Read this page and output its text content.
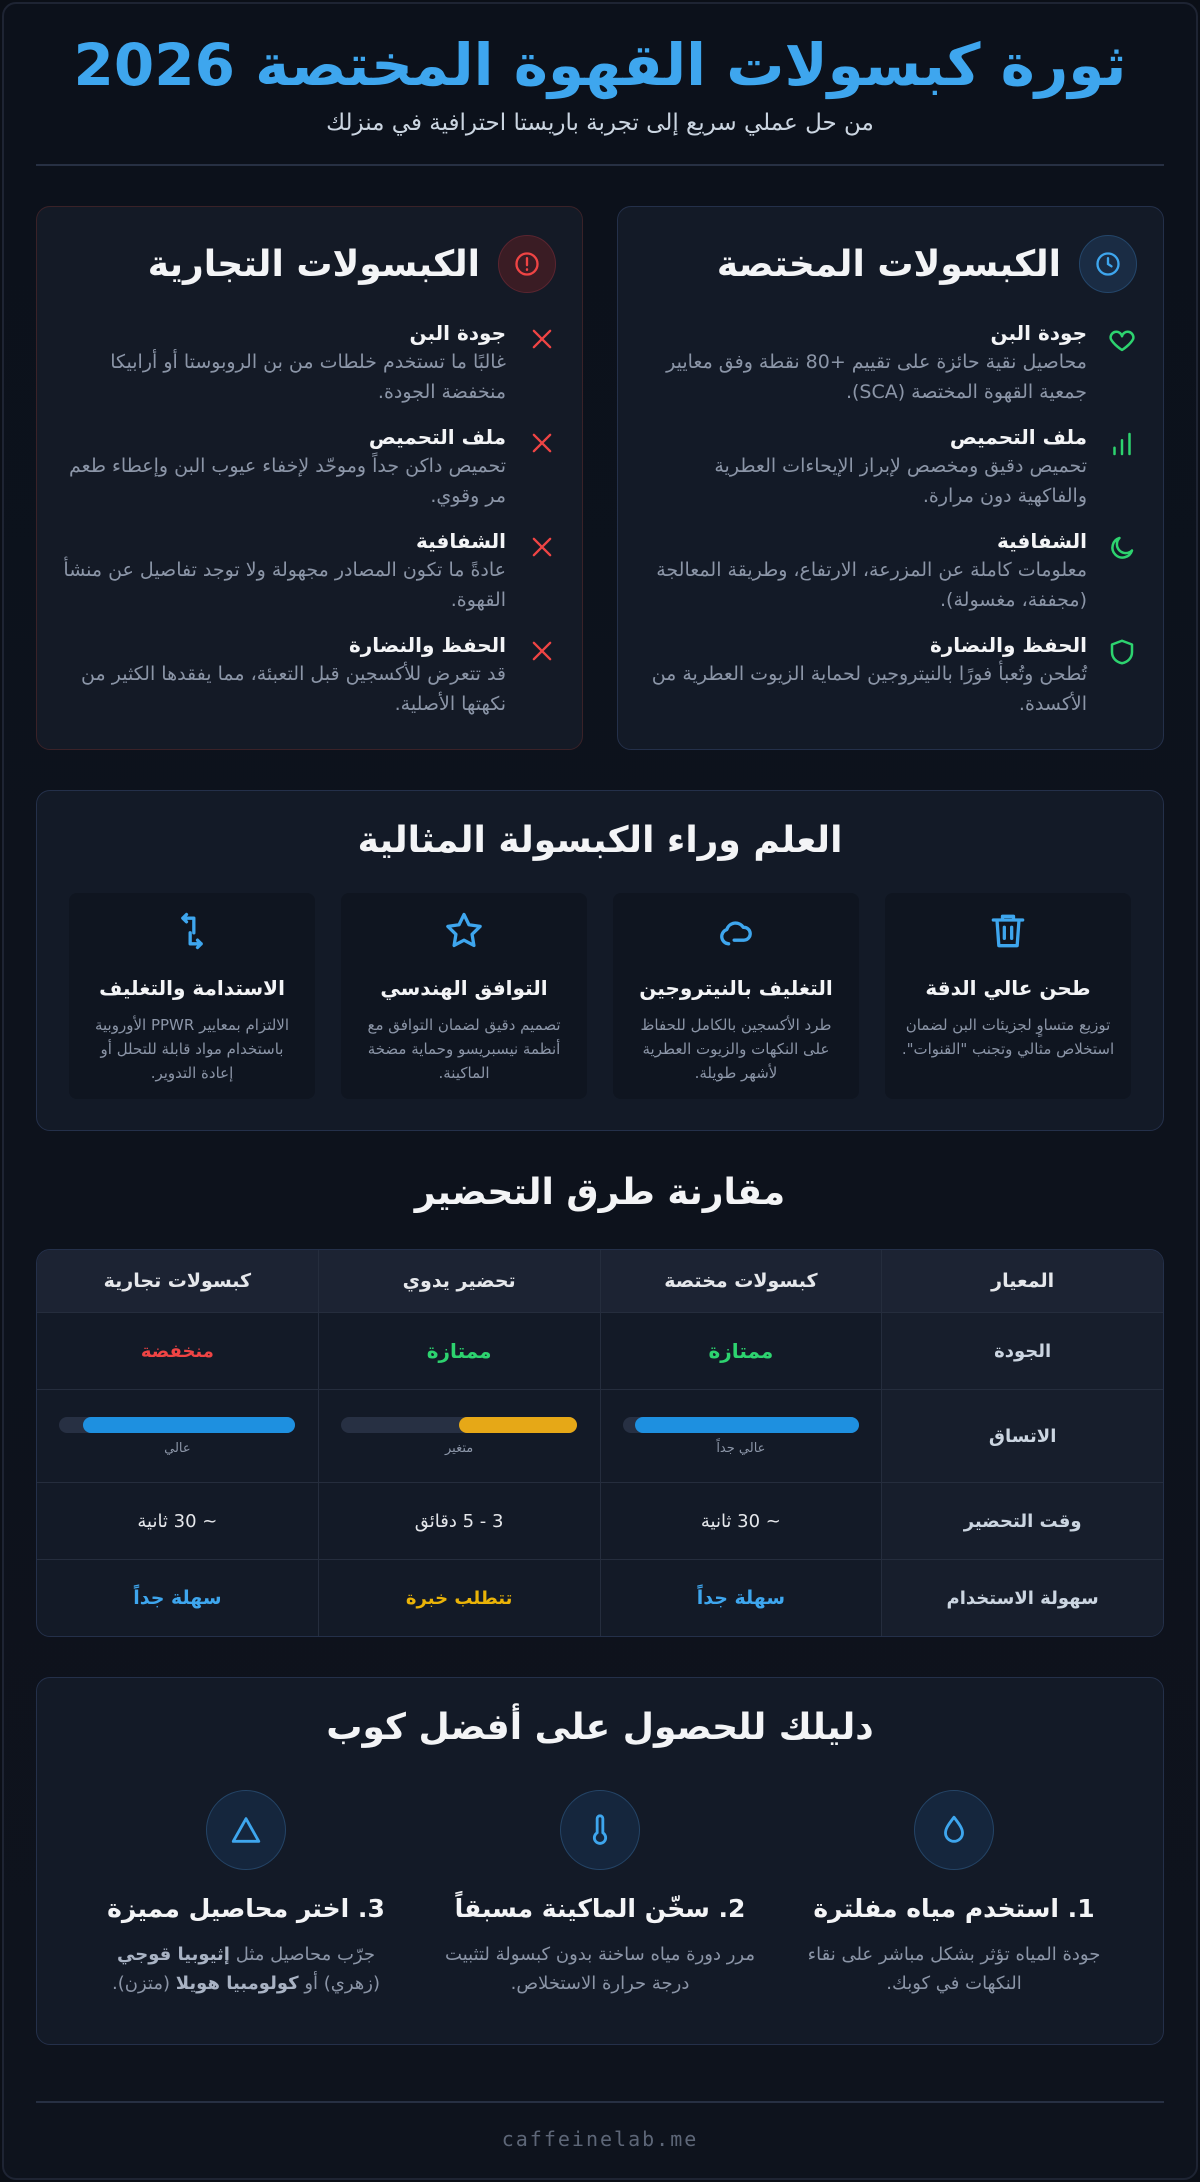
ثورة كبسولات القهوة المختصة 2026

من حل عملي سريع إلى تجربة باريستا احترافية في منزلك

الكبسولات المختصة
جودة البن
محاصيل نقية حائزة على تقييم +80 نقطة وفق معايير جمعية القهوة المختصة (SCA).
ملف التحميص
تحميص دقيق ومخصص لإبراز الإيحاءات العطرية والفاكهية دون مرارة.
الشفافية
معلومات كاملة عن المزرعة، الارتفاع، وطريقة المعالجة (مجففة، مغسولة).
الحفظ والنضارة
تُطحن وتُعبأ فورًا بالنيتروجين لحماية الزيوت العطرية من الأكسدة.
الكبسولات التجارية
جودة البن
غالبًا ما تستخدم خلطات من بن الروبوستا أو أرابيكا منخفضة الجودة.
ملف التحميص
تحميص داكن جداً وموحّد لإخفاء عيوب البن وإعطاء طعم مر وقوي.
الشفافية
عادةً ما تكون المصادر مجهولة ولا توجد تفاصيل عن منشأ القهوة.
الحفظ والنضارة
قد تتعرض للأكسجين قبل التعبئة، مما يفقدها الكثير من نكهتها الأصلية.
العلم وراء الكبسولة المثالية
طحن عالي الدقة
توزيع متساوٍ لجزيئات البن لضمان استخلاص مثالي وتجنب "القنوات".
التغليف بالنيتروجين
طرد الأكسجين بالكامل للحفاظ على النكهات والزيوت العطرية لأشهر طويلة.
التوافق الهندسي
تصميم دقيق لضمان التوافق مع أنظمة نيسبريسو وحماية مضخة الماكينة.
الاستدامة والتغليف
الالتزام بمعايير PPWR الأوروبية باستخدام مواد قابلة للتحلل أو إعادة التدوير.
مقارنة طرق التحضير
المعيار
كبسولات مختصة
تحضير يدوي
كبسولات تجارية
الجودة
ممتازة
ممتازة
منخفضة
الاتساق
عالي جداً
متغير
عالي
وقت التحضير
~ 30 ثانية
3 - 5 دقائق
~ 30 ثانية
سهولة الاستخدام
سهلة جداً
تتطلب خبرة
سهلة جداً
دليلك للحصول على أفضل كوب
1. استخدم مياه مفلترة
جودة المياه تؤثر بشكل مباشر على نقاء النكهات في كوبك.
2. سخّن الماكينة مسبقاً
مرر دورة مياه ساخنة بدون كبسولة لتثبيت درجة حرارة الاستخلاص.
3. اختر محاصيل مميزة
جرّب محاصيل مثل إثيوبيا قوجي (زهري) أو كولومبيا هويلا (متزن).
caffeinelab.me
